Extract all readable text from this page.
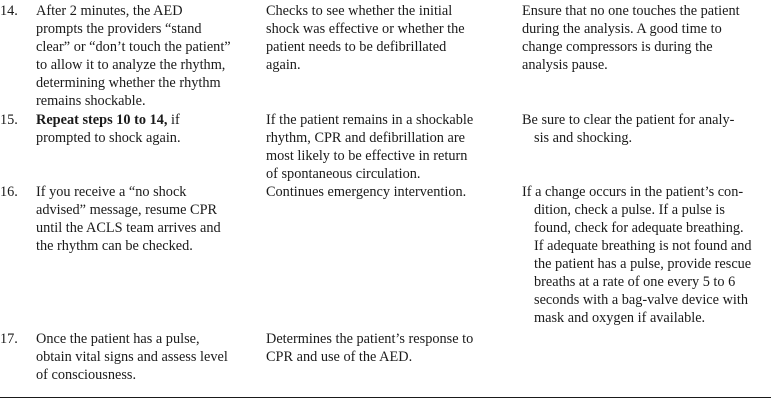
14. After 2 minutes, the AED
prompts the providers “stand
clear” or “don’t touch the patient”
to allow it to analyze the rhythm,
determining whether the rhythm
remains shockable.
Checks to see whether the initial
shock was effective or whether the
patient needs to be defibrillated
again.
Ensure that no one touches the patient
during the analysis. A good time to
change compressors is during the
analysis pause.
15. Repeat steps 10 to 14, if
prompted to shock again.
If the patient remains in a shockable
rhythm, CPR and defibrillation are
most likely to be effective in return
of spontaneous circulation.
Be sure to clear the patient for analy-
sis and shocking.
16. If you receive a “no shock
advised” message, resume CPR
until the ACLS team arrives and
the rhythm can be checked.
Continues emergency intervention.	If a change occurs in the patient’s con-
dition, check a pulse. If a pulse is
found, check for adequate breathing.
If adequate breathing is not found and
the patient has a pulse, provide rescue
breaths at a rate of one every 5 to 6
seconds with a bag-valve device with
mask and oxygen if available.
17. Once the patient has a pulse,
obtain vital signs and assess level
of consciousness.
Determines the patient’s response to
CPR and use of the AED.
